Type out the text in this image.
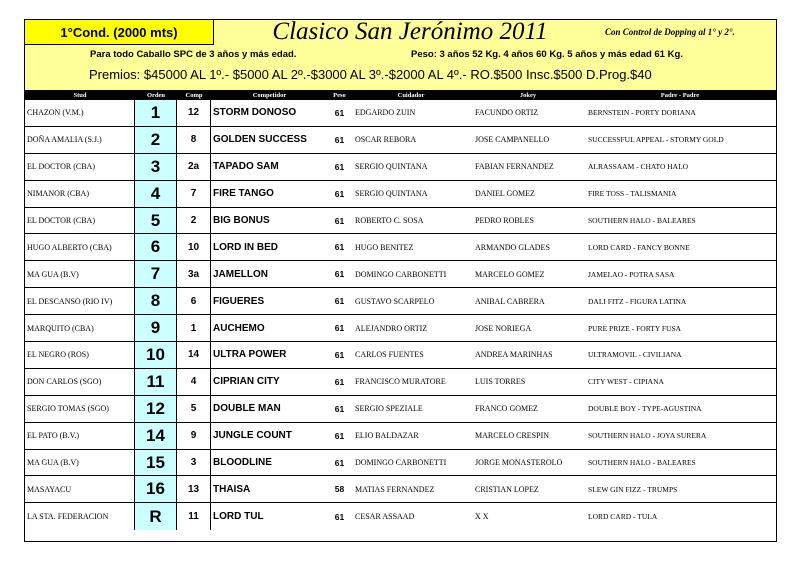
1°Cond. (2000 mts)	Clasico San Jerónimo 2011	Con Control de Dopping al 1° y 2°.
Para todo Caballo SPC de 3 años y más edad.	Peso: 3 años 52 Kg. 4 años 60 Kg. 5 años y más edad 61 Kg.
Premios: $45000 AL 1º.- $5000 AL 2º.-$3000 AL 3º.-$2000 AL 4º.- RO.$500 Insc.$500 D.Prog.$40
Stud	Orden	Comp	Competidor	Peso	Cuidador	Jokey	Padre - Padre
CHAZON (V.M.)	1	12	STORM DONOSO	61	EDGARDO ZUIN	FACUNDO ORTIZ	BERNSTEIN - PORTY DORIANA
DOÑA AMALIA (S.J.)	2	8	GOLDEN SUCCESS	61	OSCAR REBORA	JOSE CAMPANELLO	SUCCESSFUL APPEAL - STORMY GOLD
EL DOCTOR (CBA)	3	2a	TAPADO SAM	61	SERGIO QUINTANA	FABIAN FERNANDEZ	ALRASSAAM - CHATO HALO
NIMANOR (CBA)	4	7	FIRE TANGO	61	SERGIO QUINTANA	DANIEL GOMEZ	FIRE TOSS - TALISMANIA
EL DOCTOR (CBA)	5	2	BIG BONUS	61	ROBERTO C. SOSA	PEDRO ROBLES	SOUTHERN HALO - BALEARES
HUGO ALBERTO (CBA)	6	10	LORD IN BED	61	HUGO BENITEZ	ARMANDO GLADES	LORD CARD - FANCY BONNE
MA GUA (B.V)	7	3a	JAMELLON	61	DOMINGO CARBONETTI	MARCELO GOMEZ	JAMELAO - POTRA SASA
EL DESCANSO (RIO IV)	8	6	FIGUERES	61	GUSTAVO SCARPELO	ANIBAL CABRERA	DALI FITZ - FIGURA LATINA
MARQUITO (CBA)	9	1	AUCHEMO	61	ALEJANDRO ORTIZ	JOSE NORIEGA	PURE PRIZE - FORTY FUSA
EL NEGRO (ROS)	10	14	ULTRA POWER	61	CARLOS FUENTES	ANDREA MARINHAS	ULTRAMOVIL - CIVILIANA
DON CARLOS (SGO)	11	4	CIPRIAN CITY	61	FRANCISCO MURATORE	LUIS TORRES	CITY WEST - CIPIANA
SERGIO TOMAS (SGO)	12	5	DOUBLE MAN	61	SERGIO SPEZIALE	FRANCO GOMEZ	DOUBLE BOY - TYPE-AGUSTINA
EL PATO (B.V.)	14	9	JUNGLE COUNT	61	ELIO BALDAZAR	MARCELO CRESPIN	SOUTHERN HALO - JOYA SURERA
MA GUA (B.V)	15	3	BLOODLINE	61	DOMINGO CARBONETTI	JORGE MONASTEROLO	SOUTHERN HALO - BALEARES
MASAYACU	16	13	THAISA	58	MATIAS FERNANDEZ	CRISTIAN LOPEZ	SLEW GIN FIZZ - TRUMPS
LA STA. FEDERACION	R	11	LORD TUL	61	CESAR ASSAAD	X X	LORD CARD - TULA
